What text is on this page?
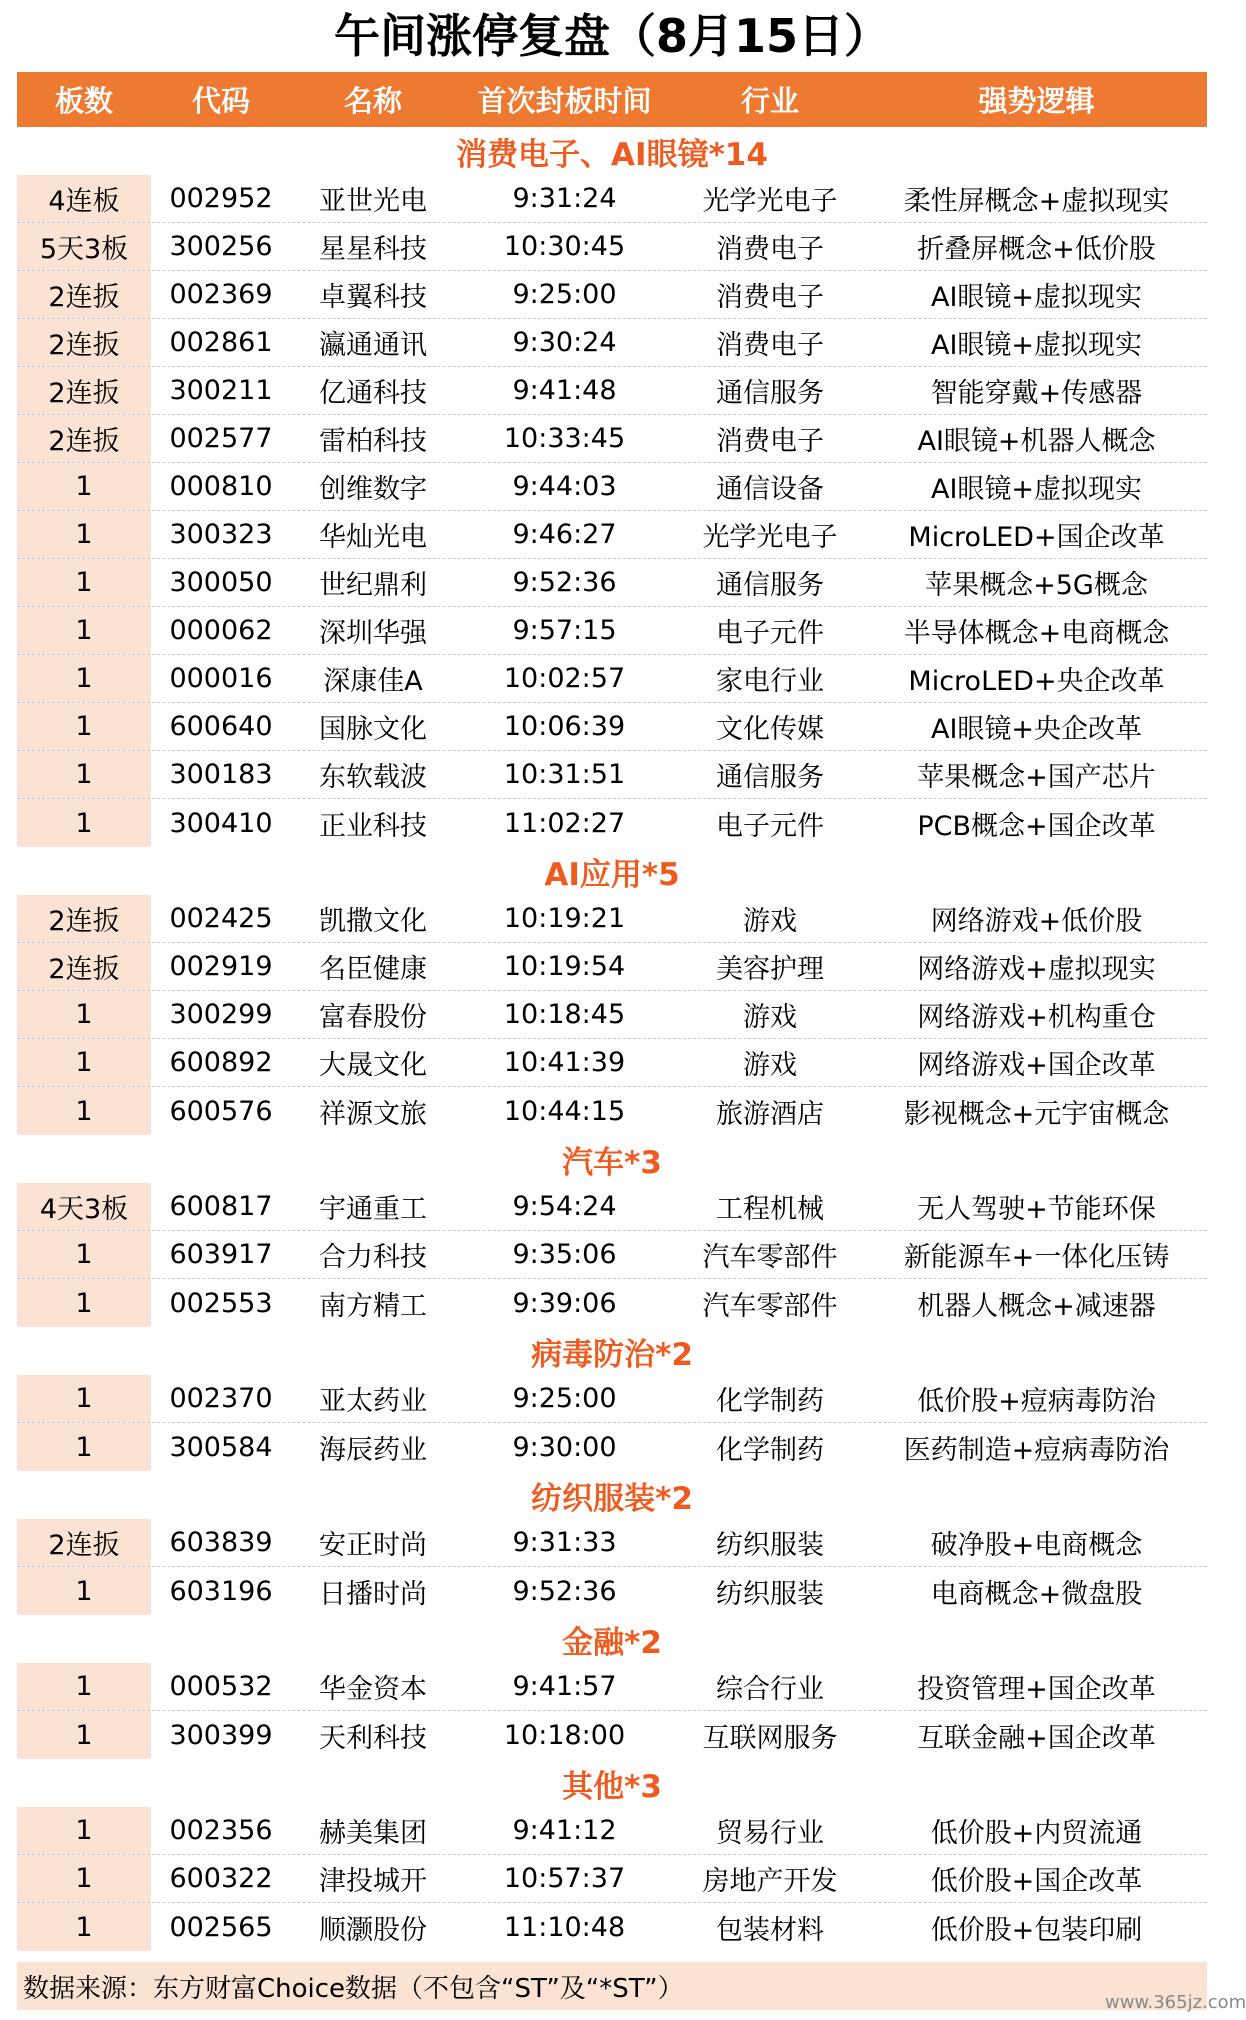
午间涨停复盘（8月15日）
板数	代码	名称	首次封板时间	行业	强势逻辑
消费电子、AI眼镜*14
4连板	002952	亚世光电	9:31:24	光学光电子	柔性屏概念+虚拟现实
5天3板	300256	星星科技	10:30:45	消费电子	折叠屏概念+低价股
2连扳	002369	卓翼科技	9:25:00	消费电子	AI眼镜+虚拟现实
2连扳	002861	瀛通通讯	9:30:24	消费电子	AI眼镜+虚拟现实
2连扳	300211	亿通科技	9:41:48	通信服务	智能穿戴+传感器
2连扳	002577	雷柏科技	10:33:45	消费电子	AI眼镜+机器人概念
1	000810	创维数字	9:44:03	通信设备	AI眼镜+虚拟现实
1	300323	华灿光电	9:46:27	光学光电子	MicroLED+国企改革
1	300050	世纪鼎利	9:52:36	通信服务	苹果概念+5G概念
1	000062	深圳华强	9:57:15	电子元件	半导体概念+电商概念
1	000016	深康佳A	10:02:57	家电行业	MicroLED+央企改革
1	600640	国脉文化	10:06:39	文化传媒	AI眼镜+央企改革
1	300183	东软载波	10:31:51	通信服务	苹果概念+国产芯片
1	300410	正业科技	11:02:27	电子元件	PCB概念+国企改革
AI应用*5
2连扳	002425	凯撒文化	10:19:21	游戏	网络游戏+低价股
2连扳	002919	名臣健康	10:19:54	美容护理	网络游戏+虚拟现实
1	300299	富春股份	10:18:45	游戏	网络游戏+机构重仓
1	600892	大晟文化	10:41:39	游戏	网络游戏+国企改革
1	600576	祥源文旅	10:44:15	旅游酒店	影视概念+元宇宙概念
汽车*3
4天3板	600817	宇通重工	9:54:24	工程机械	无人驾驶+节能环保
1	603917	合力科技	9:35:06	汽车零部件	新能源车+一体化压铸
1	002553	南方精工	9:39:06	汽车零部件	机器人概念+减速器
病毒防治*2
1	002370	亚太药业	9:25:00	化学制药	低价股+痘病毒防治
1	300584	海辰药业	9:30:00	化学制药	医药制造+痘病毒防治
纺织服装*2
2连扳	603839	安正时尚	9:31:33	纺织服装	破净股+电商概念
1	603196	日播时尚	9:52:36	纺织服装	电商概念+微盘股
金融*2
1	000532	华金资本	9:41:57	综合行业	投资管理+国企改革
1	300399	天利科技	10:18:00	互联网服务	互联金融+国企改革
其他*3
1	002356	赫美集团	9:41:12	贸易行业	低价股+内贸流通
1	600322	津投城开	10:57:37	房地产开发	低价股+国企改革
1	002565	顺灏股份	11:10:48	包装材料	低价股+包装印刷
数据来源：东方财富Choice数据（不包含“ST”及“*ST”）	www.365jz.com
